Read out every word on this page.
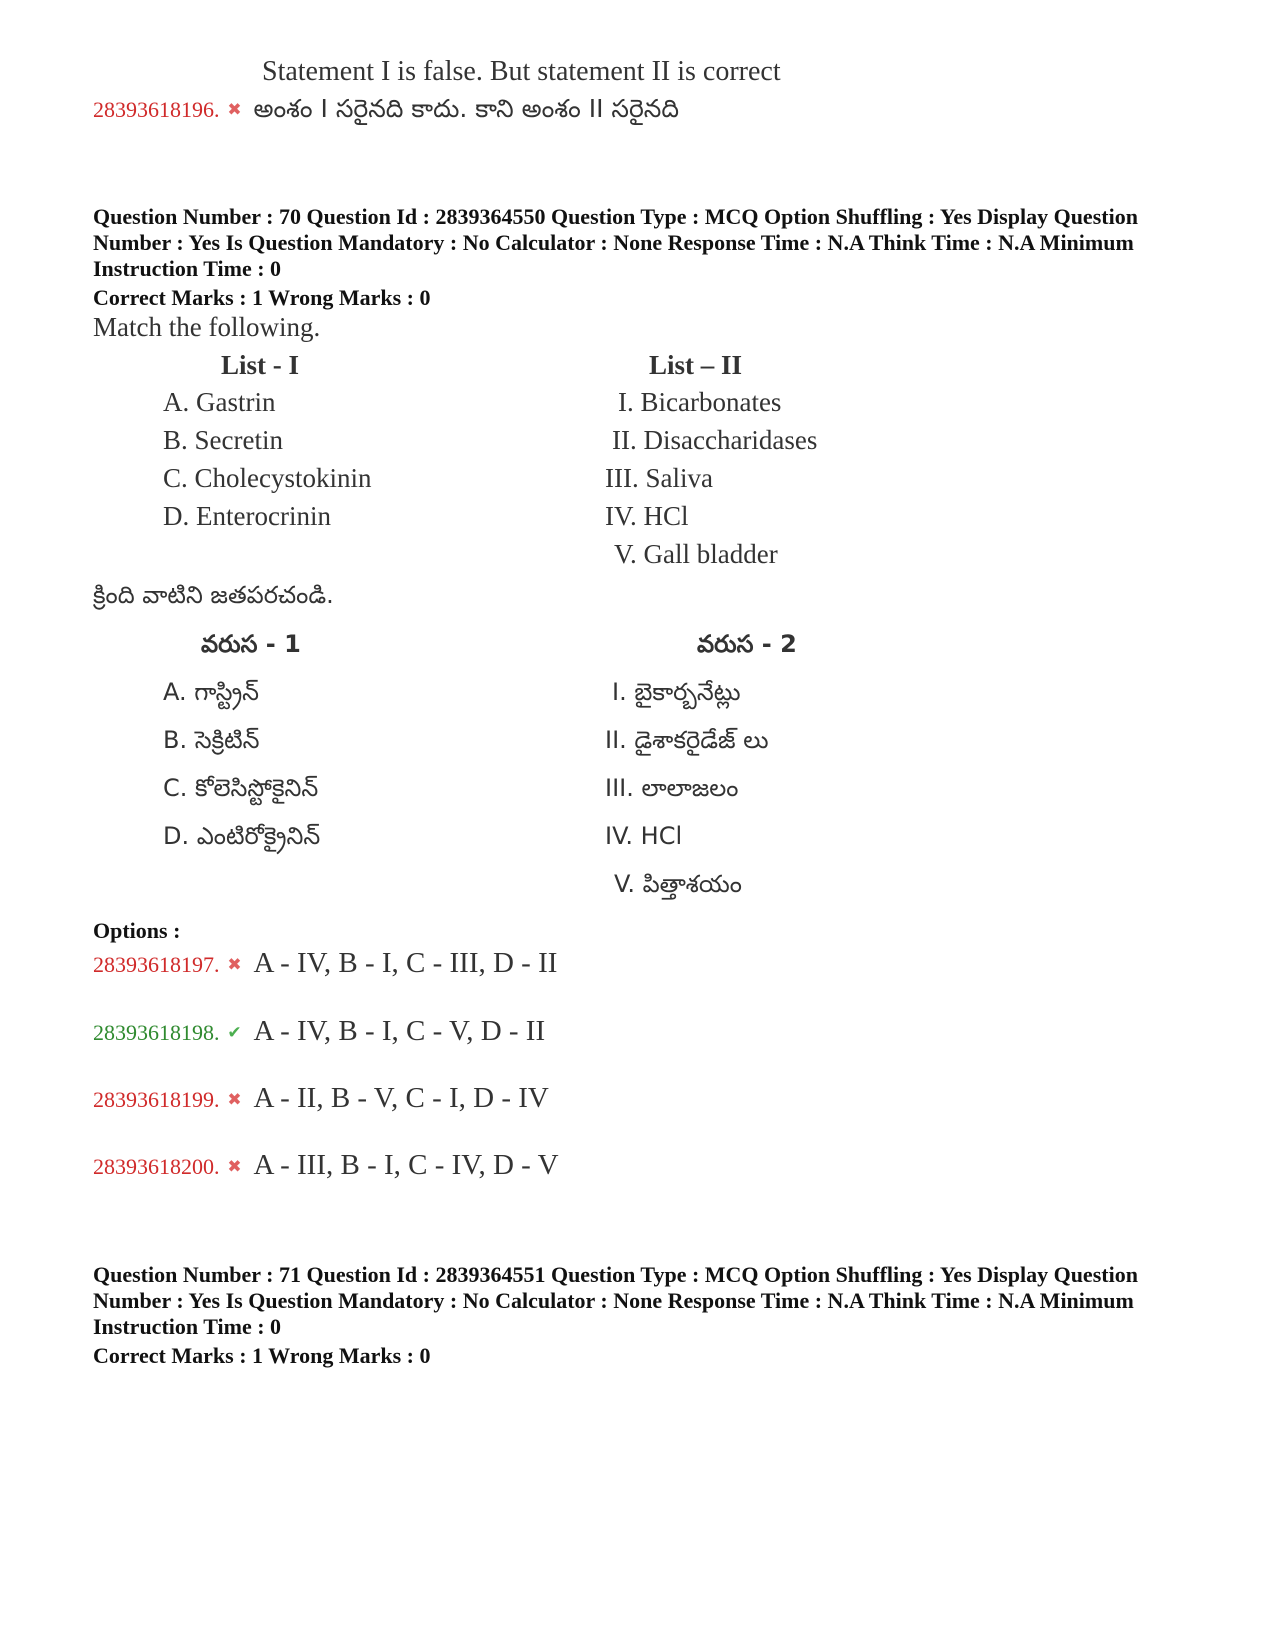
Statement I is false. But statement II is correct
28393618196. ✖ అంశం I సరైనది కాదు. కాని అంశం II సరైనది
Question Number : 70 Question Id : 2839364550 Question Type : MCQ Option Shuffling : Yes Display Question Number : Yes Is Question Mandatory : No Calculator : None Response Time : N.A Think Time : N.A Minimum Instruction Time : 0
Correct Marks : 1 Wrong Marks : 0
Match the following.
List - I	List – II
A. Gastrin
B. Secretin
C. Cholecystokinin
D. Enterocrinin
I. Bicarbonates
II. Disaccharidases
III. Saliva
IV. HCl
V. Gall bladder
క్రింది వాటిని జతపరచండి.
వరుస - 1	వరుస - 2
A. గాస్ట్రిన్
B. సెక్రిటిన్
C. కోలెసిస్టోకైనిన్
D. ఎంటిరోక్రైనిన్
I. బైకార్బనేట్లు
II. డైశాకరైడేజ్ లు
III. లాలాజలం
IV. HCl
V. పిత్తాశయం
Options :
28393618197. ✖ A - IV, B - I, C - III, D - II
28393618198. ✔ A - IV, B - I, C - V, D - II
28393618199. ✖ A - II, B - V, C - I, D - IV
28393618200. ✖ A - III, B - I, C - IV, D - V
Question Number : 71 Question Id : 2839364551 Question Type : MCQ Option Shuffling : Yes Display Question Number : Yes Is Question Mandatory : No Calculator : None Response Time : N.A Think Time : N.A Minimum Instruction Time : 0
Correct Marks : 1 Wrong Marks : 0
